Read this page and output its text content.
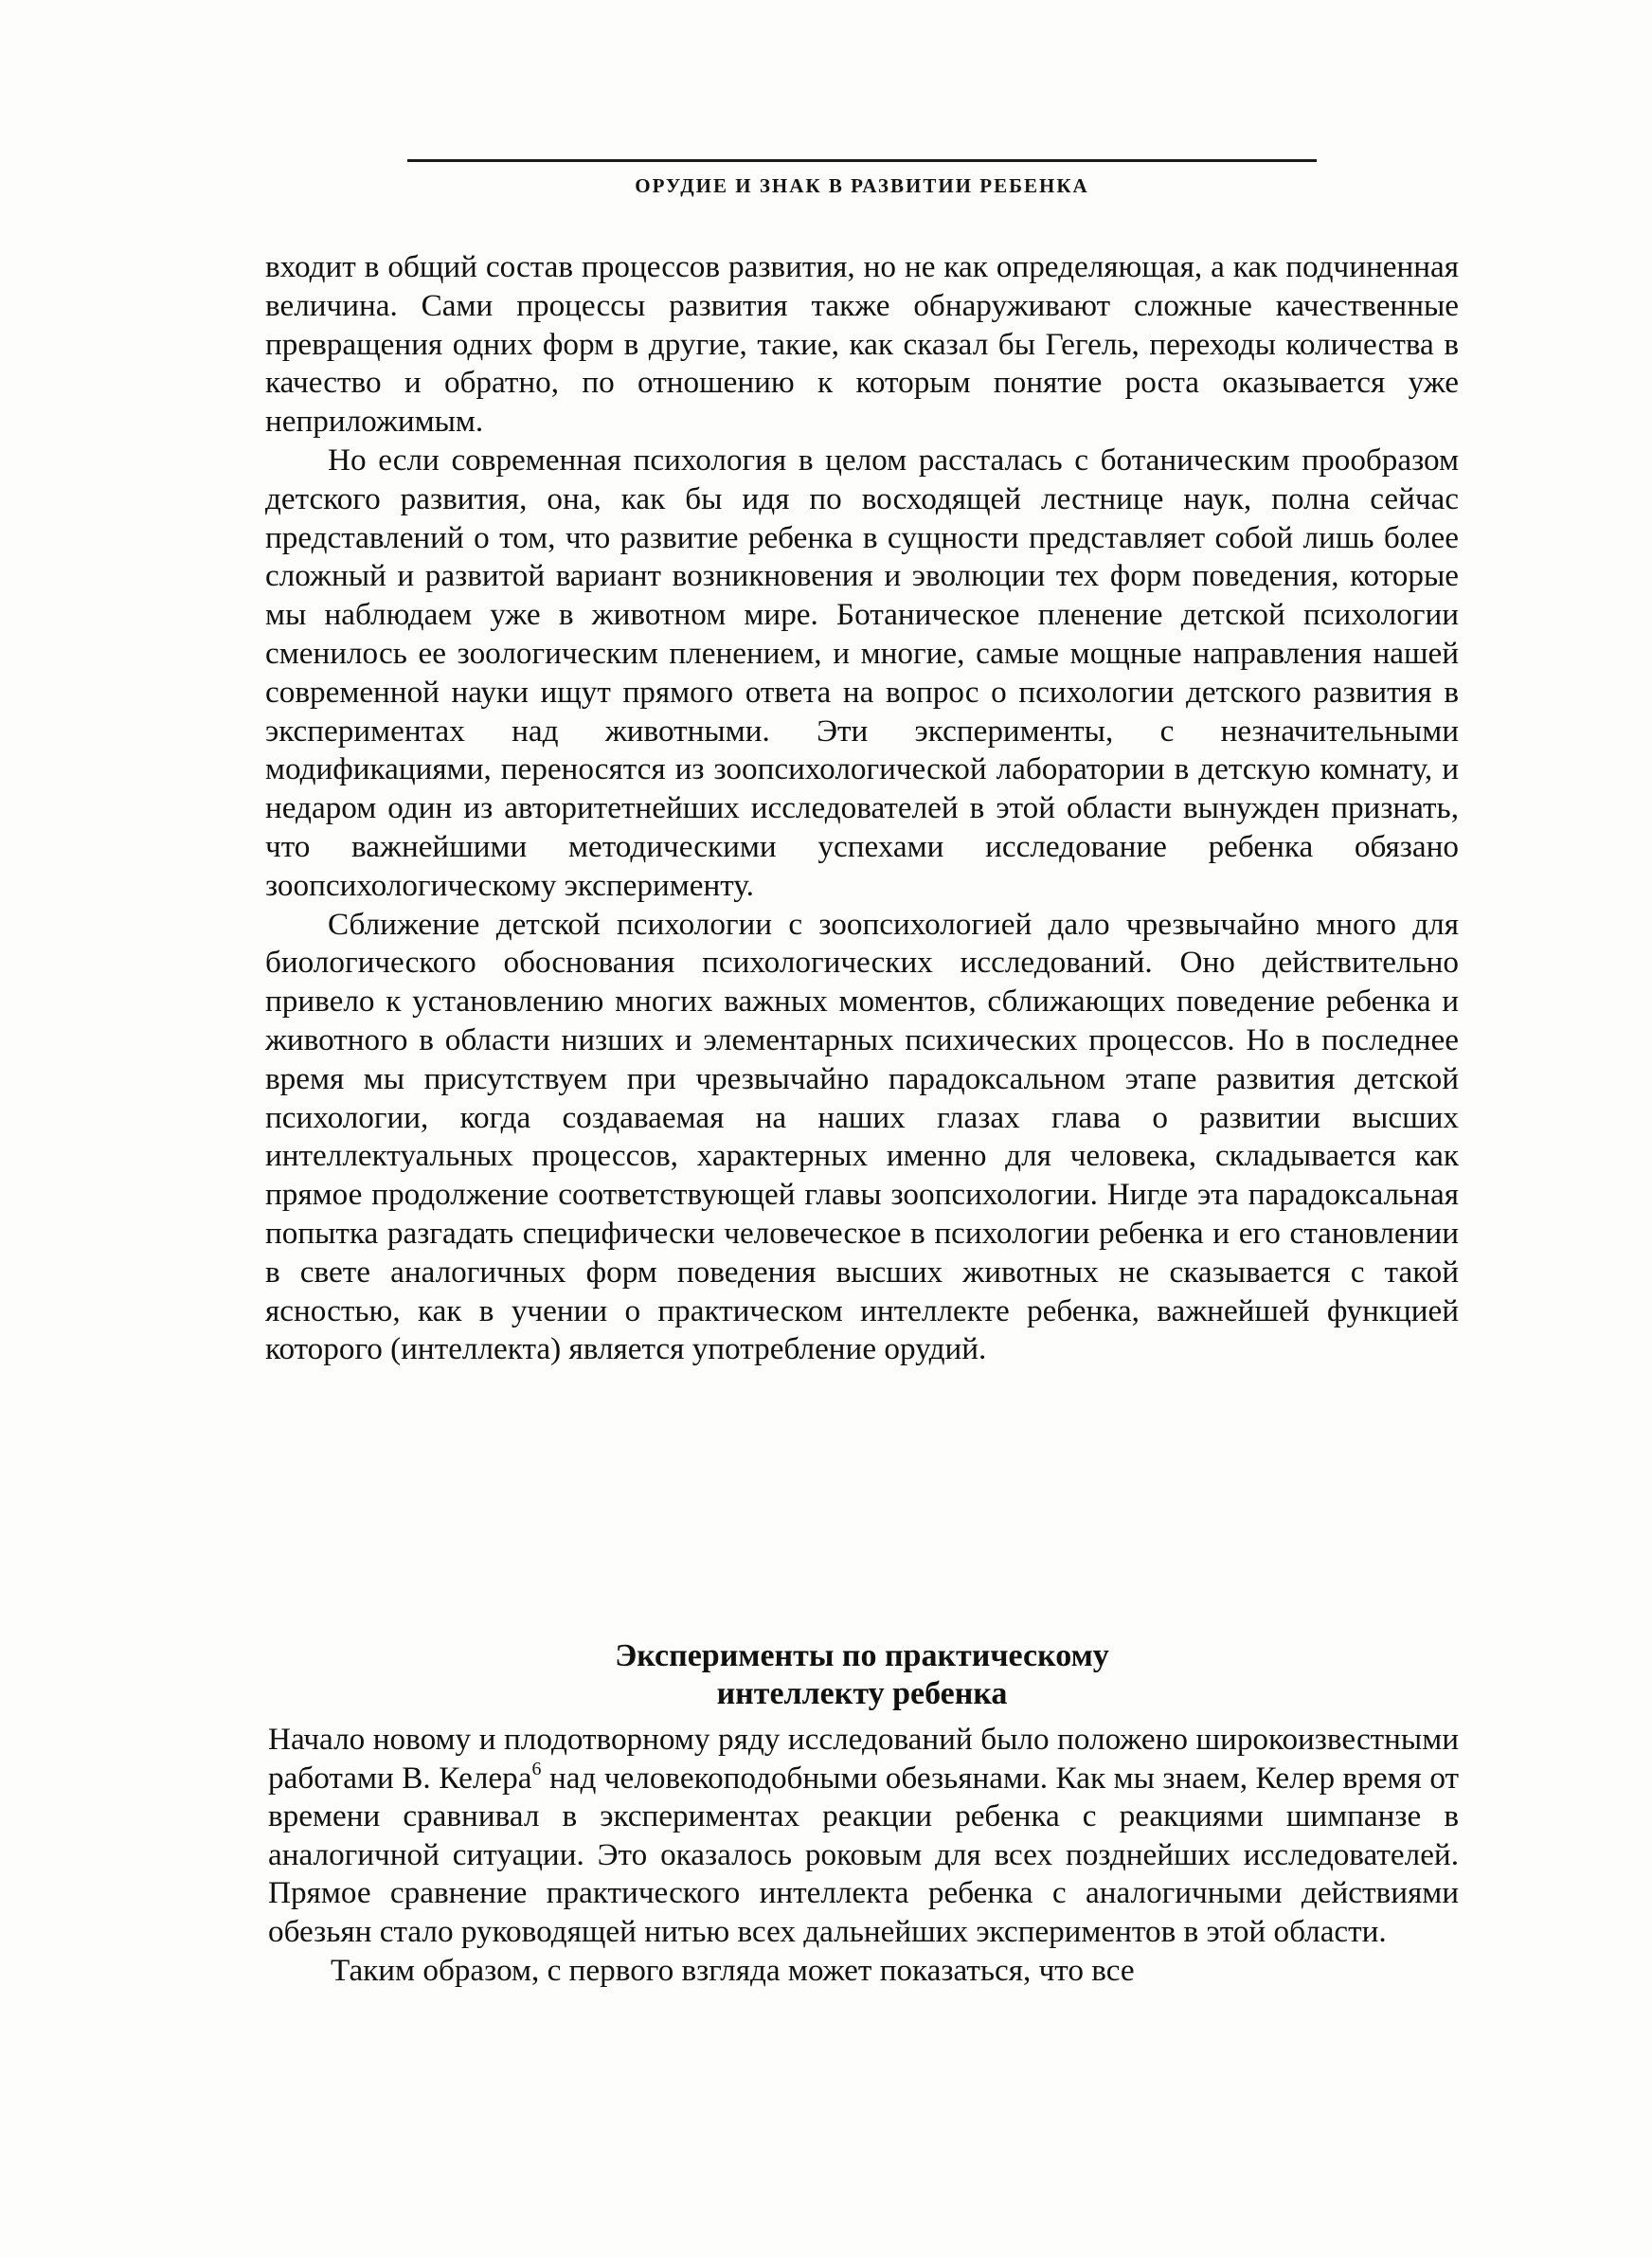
ОРУДИЕ И ЗНАК В РАЗВИТИИ РЕБЕНКА

входит в общий состав процессов развития, но не как определяющая, а как подчиненная величина. Сами процессы развития также обнаруживают сложные качественные превращения одних форм в другие, такие, как сказал бы Гегель, переходы количества в качество и обратно, по отношению к которым понятие роста оказывается уже неприложимым.

Но если современная психология в целом рассталась с ботаническим прообразом детского развития, она, как бы идя по восходящей лестнице наук, полна сейчас представлений о том, что развитие ребенка в сущности представляет собой лишь более сложный и развитой вариант возникновения и эволюции тех форм поведения, которые мы наблюдаем уже в животном мире. Ботаническое пленение детской психологии сменилось ее зоологическим пленением, и многие, самые мощные направления нашей современной науки ищут прямого ответа на вопрос о психологии детского развития в экспериментах над животными. Эти эксперименты, с незначительными модификациями, переносятся из зоопсихологической лаборатории в детскую комнату, и недаром один из авторитетнейших исследователей в этой области вынужден признать, что важнейшими методическими успехами исследование ребенка обязано зоопсихологическому эксперименту.

Сближение детской психологии с зоопсихологией дало чрезвычайно много для биологического обоснования психологических исследований. Оно действительно привело к установлению многих важных моментов, сближающих поведение ребенка и животного в области низших и элементарных психических процессов. Но в последнее время мы присутствуем при чрезвычайно парадоксальном этапе развития детской психологии, когда создаваемая на наших глазах глава о развитии высших интеллектуальных процессов, характерных именно для человека, складывается как прямое продолжение соответствующей главы зоопсихологии. Нигде эта парадоксальная попытка разгадать специфически человеческое в психологии ребенка и его становлении в свете аналогичных форм поведения высших животных не сказывается с такой ясностью, как в учении о практическом интеллекте ребенка, важнейшей функцией которого (интеллекта) является употребление орудий.

Эксперименты по практическому
интеллекту ребенка

Начало новому и плодотворному ряду исследований было положено широкоизвестными работами В. Келера$^6$ над человекоподобными обезьянами. Как мы знаем, Келер время от времени сравнивал в экспериментах реакции ребенка с реакциями шимпанзе в аналогичной ситуации. Это оказалось роковым для всех позднейших исследователей. Прямое сравнение практического интеллекта ребенка с аналогичными действиями обезьян стало руководящей нитью всех дальнейших экспериментов в этой области.

Таким образом, с первого взгляда может показаться, что все
